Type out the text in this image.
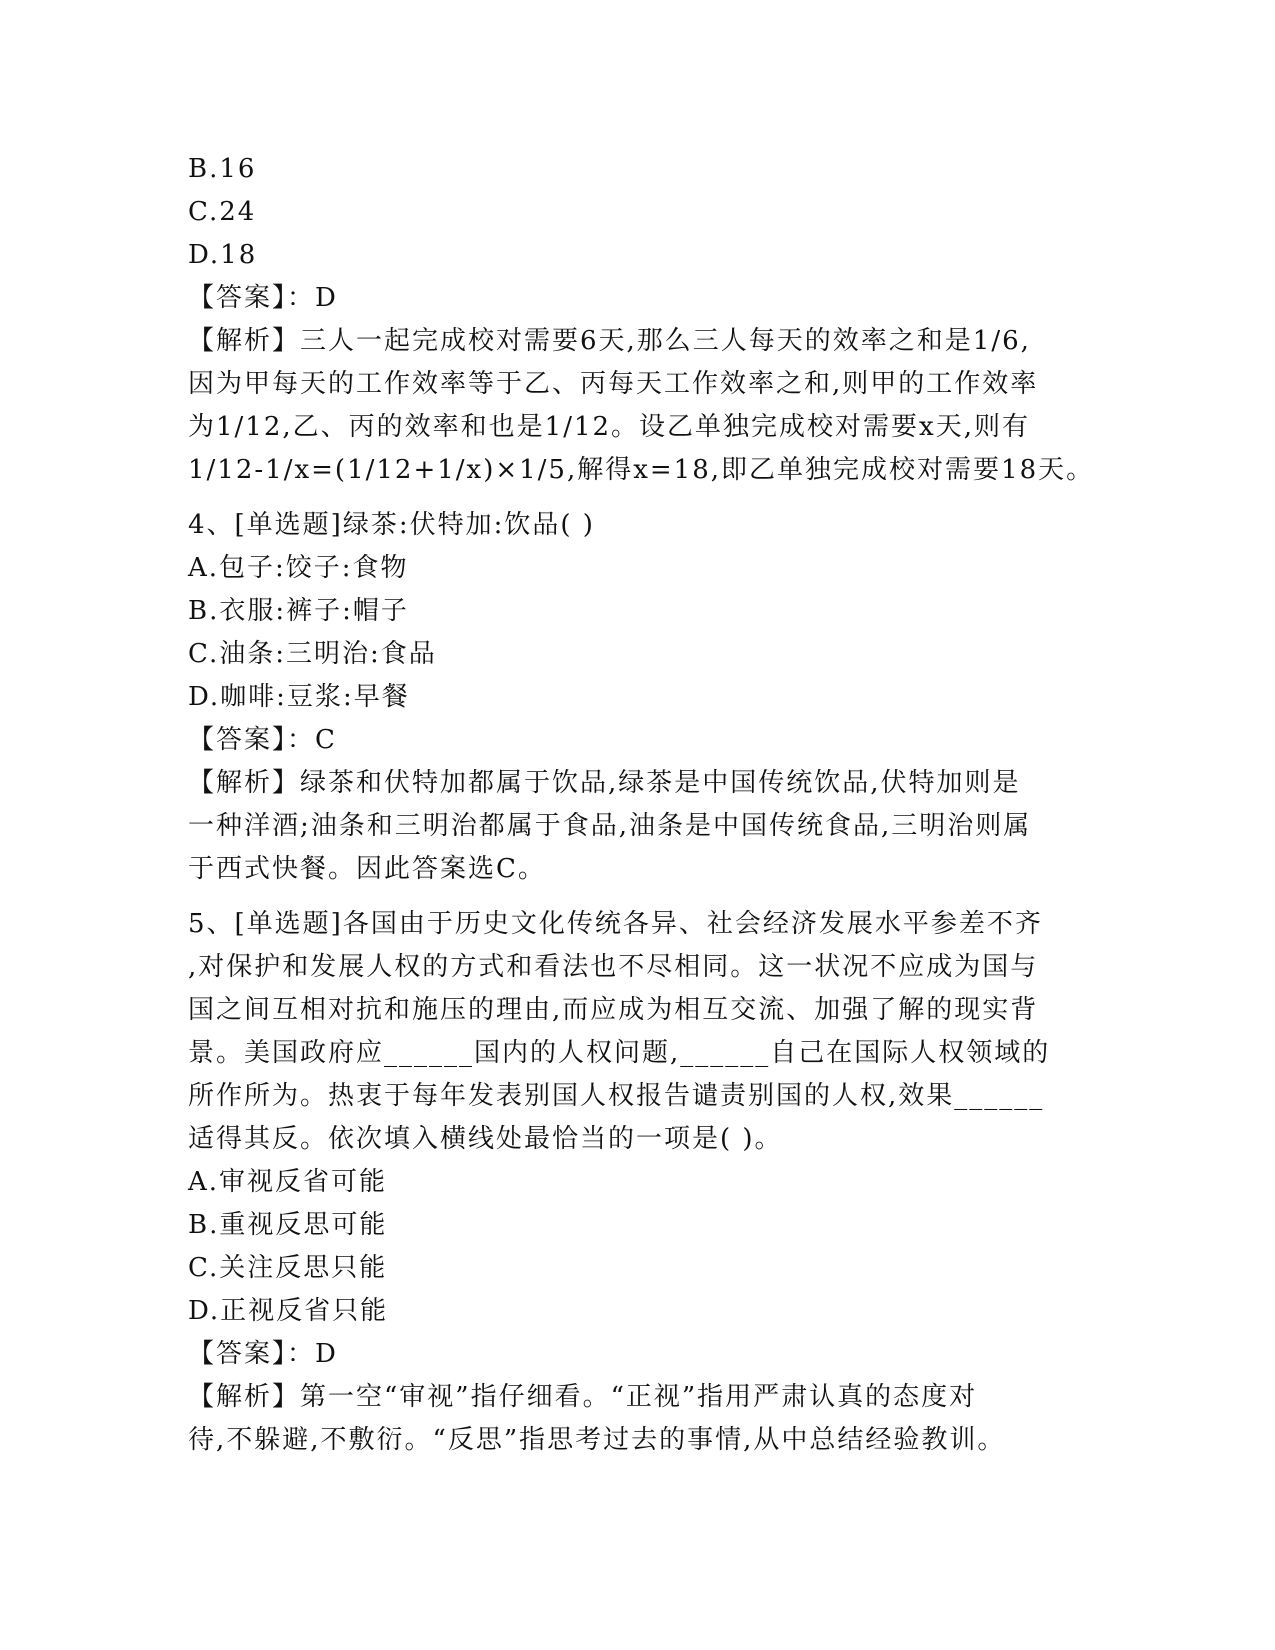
B.16
C.24
D.18
【答案】：D
【解析】三人一起完成校对需要6天,那么三人每天的效率之和是1/6,
因为甲每天的工作效率等于乙、丙每天工作效率之和,则甲的工作效率
为1/12,乙、丙的效率和也是1/12。设乙单独完成校对需要x天,则有
1/12-1/x=(1/12+1/x)×1/5,解得x=18,即乙单独完成校对需要18天。
4、[单选题]绿茶:伏特加:饮品( )
A.包子:饺子:食物
B.衣服:裤子:帽子
C.油条:三明治:食品
D.咖啡:豆浆:早餐
【答案】：C
【解析】绿茶和伏特加都属于饮品,绿茶是中国传统饮品,伏特加则是
一种洋酒;油条和三明治都属于食品,油条是中国传统食品,三明治则属
于西式快餐。因此答案选C。
5、[单选题]各国由于历史文化传统各异、社会经济发展水平参差不齐
,对保护和发展人权的方式和看法也不尽相同。这一状况不应成为国与
国之间互相对抗和施压的理由,而应成为相互交流、加强了解的现实背
景。美国政府应______国内的人权问题,______自己在国际人权领域的
所作所为。热衷于每年发表别国人权报告谴责别国的人权,效果______
适得其反。依次填入横线处最恰当的一项是( )。
A.审视反省可能
B.重视反思可能
C.关注反思只能
D.正视反省只能
【答案】：D
【解析】第一空“审视”指仔细看。“正视”指用严肃认真的态度对
待,不躲避,不敷衍。“反思”指思考过去的事情,从中总结经验教训。
